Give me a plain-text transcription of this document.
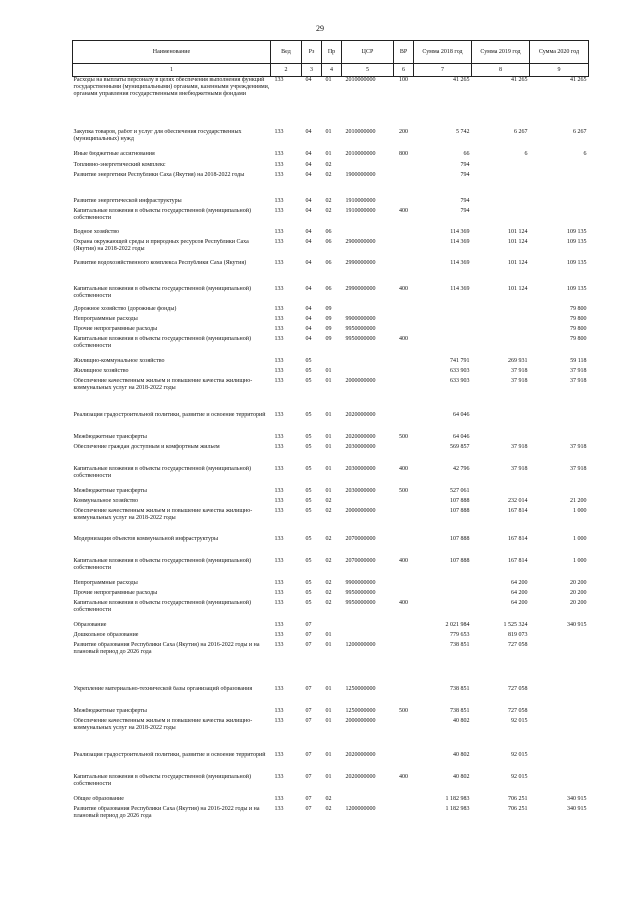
29
Наименование	Вед	Рз	Пр	ЦСР	ВР	Сумма 2018 год	Сумма 2019 год	Сумма 2020 год
1	2	3	4	5	6	7	8	9
Расходы на выплаты персоналу в целях обеспечения выполнения функций государственными (муниципальными) органами, казенными учреждениями, органами управления государственными внебюджетными фондами	133	04	01	2010000000	100	41 265	41 265	41 265
Закупка товаров, работ и услуг для обеспечения государственных (муниципальных) нужд	133	04	01	2010000000	200	5 742	6 267	6 267
Иные бюджетные ассигнования	133	04	01	2010000000	800	66	6	6
Топливно-энергетический комплекс	133	04	02			794		
Развитие энергетики Республики Саха (Якутия) на 2018-2022 годы	133	04	02	1900000000		794		
Развитие энергетической инфраструктуры	133	04	02	1910000000		794		
Капитальные вложения в объекты государственной (муниципальной) собственности	133	04	02	1910000000	400	794		
Водное хозяйство	133	04	06			114 369	101 124	109 135
Охрана окружающей среды и природных ресурсов Республики Саха (Якутия) на 2018-2022 годы	133	04	06	2900000000		114 369	101 124	109 135
Развитие водохозяйственного комплекса Республики Саха (Якутия)	133	04	06	2990000000		114 369	101 124	109 135
Капитальные вложения в объекты государственной (муниципальной) собственности	133	04	06	2990000000	400	114 369	101 124	109 135
Дорожное хозяйство (дорожные фонды)	133	04	09					79 800
Непрограммные расходы	133	04	09	9900000000				79 800
Прочие непрограммные расходы	133	04	09	9950000000				79 800
Капитальные вложения в объекты государственной (муниципальной) собственности	133	04	09	9950000000	400			79 800
Жилищно-коммунальное хозяйство	133	05				741 791	269 931	59 118
Жилищное хозяйство	133	05	01			633 903	37 918	37 918
Обеспечение качественным жильем и повышение качества жилищно-коммунальных услуг на 2018-2022 годы	133	05	01	2000000000		633 903	37 918	37 918
Реализация градостроительной политики, развитие и освоение территорий	133	05	01	2020000000		64 046		
Межбюджетные трансферты	133	05	01	2020000000	500	64 046		
Обеспечение граждан доступным и комфортным жильем	133	05	01	2030000000		569 857	37 918	37 918
Капитальные вложения в объекты государственной (муниципальной) собственности	133	05	01	2030000000	400	42 796	37 918	37 918
Межбюджетные трансферты	133	05	01	2030000000	500	527 061		
Коммунальное хозяйство	133	05	02			107 888	232 014	21 200
Обеспечение качественным жильем и повышение качества жилищно-коммунальных услуг на 2018-2022 годы	133	05	02	2000000000		107 888	167 814	1 000
Модернизация объектов коммунальной инфраструктуры	133	05	02	2070000000		107 888	167 814	1 000
Капитальные вложения в объекты государственной (муниципальной) собственности	133	05	02	2070000000	400	107 888	167 814	1 000
Непрограммные расходы	133	05	02	9900000000			64 200	20 200
Прочие непрограммные расходы	133	05	02	9950000000			64 200	20 200
Капитальные вложения в объекты государственной (муниципальной) собственности	133	05	02	9950000000	400		64 200	20 200
Образование	133	07				2 021 984	1 525 324	340 915
Дошкольное образование	133	07	01			779 653	819 073	
Развитие образования Республики Саха (Якутия) на 2016-2022 годы и на плановый период до 2026 года	133	07	01	1200000000		738 851	727 058	
Укрепление материально-технической базы организаций образования	133	07	01	1250000000		738 851	727 058	
Межбюджетные трансферты	133	07	01	1250000000	500	738 851	727 058	
Обеспечение качественным жильем и повышение качества жилищно-коммунальных услуг на 2018-2022 годы	133	07	01	2000000000		40 802	92 015	
Реализация градостроительной политики, развитие и освоение территорий	133	07	01	2020000000		40 802	92 015	
Капитальные вложения в объекты государственной (муниципальной) собственности	133	07	01	2020000000	400	40 802	92 015	
Общее образование	133	07	02			1 182 983	706 251	340 915
Развитие образования Республики Саха (Якутия) на 2016-2022 годы и на плановый период до 2026 года	133	07	02	1200000000		1 182 983	706 251	340 915
